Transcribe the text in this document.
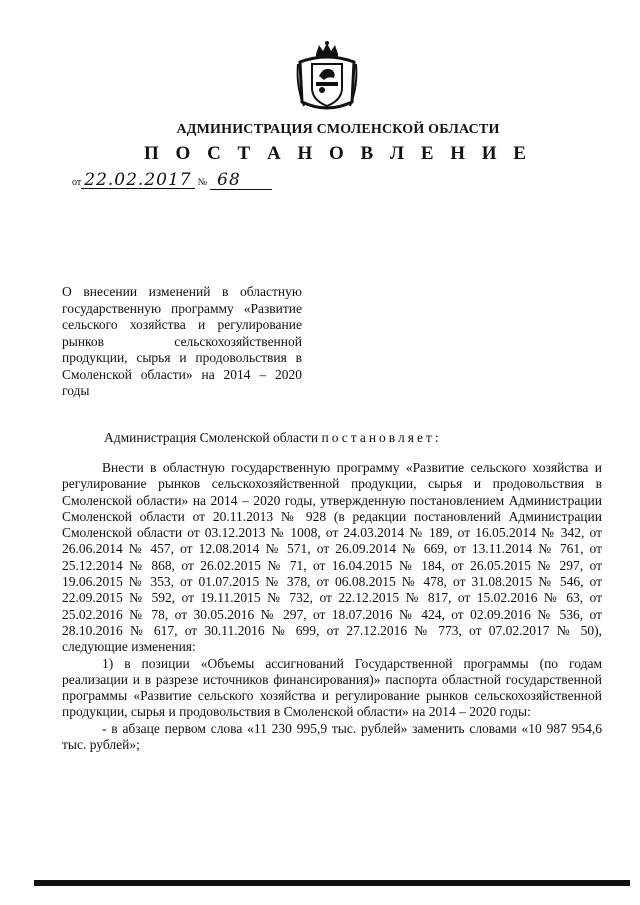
АДМИНИСТРАЦИЯ СМОЛЕНСКОЙ ОБЛАСТИ
П О С Т А Н О В Л Е Н И Е
от 22.02.2017 № 68
О внесении изменений в областную государственную программу «Развитие сельского хозяйства и регулирование рынков сельскохозяйственной продукции, сырья и продовольствия в Смоленской области» на 2014 – 2020 годы
Администрация Смоленской области постановляет:

Внести в областную государственную программу «Развитие сельского хозяйства и регулирование рынков сельскохозяйственной продукции, сырья и продовольствия в Смоленской области» на 2014 – 2020 годы, утвержденную постановлением Администрации Смоленской области от 20.11.2013 № 928 (в редакции постановлений Администрации Смоленской области от 03.12.2013 № 1008, от 24.03.2014 № 189, от 16.05.2014 № 342, от 26.06.2014 № 457, от 12.08.2014 № 571, от 26.09.2014 № 669, от 13.11.2014 № 761, от 25.12.2014 № 868, от 26.02.2015 № 71, от 16.04.2015 № 184, от 26.05.2015 № 297, от 19.06.2015 № 353, от 01.07.2015 № 378, от 06.08.2015 № 478, от 31.08.2015 № 546, от 22.09.2015 № 592, от 19.11.2015 № 732, от 22.12.2015 № 817, от 15.02.2016 № 63, от 25.02.2016 № 78, от 30.05.2016 № 297, от 18.07.2016 № 424, от 02.09.2016 № 536, от 28.10.2016 № 617, от 30.11.2016 № 699, от 27.12.2016 № 773, от 07.02.2017 № 50), следующие изменения:

1) в позиции «Объемы ассигнований Государственной программы (по годам реализации и в разрезе источников финансирования)» паспорта областной государственной программы «Развитие сельского хозяйства и регулирование рынков сельскохозяйственной продукции, сырья и продовольствия в Смоленской области» на 2014 – 2020 годы:

- в абзаце первом слова «11 230 995,9 тыс. рублей» заменить словами «10 987 954,6 тыс. рублей»;
